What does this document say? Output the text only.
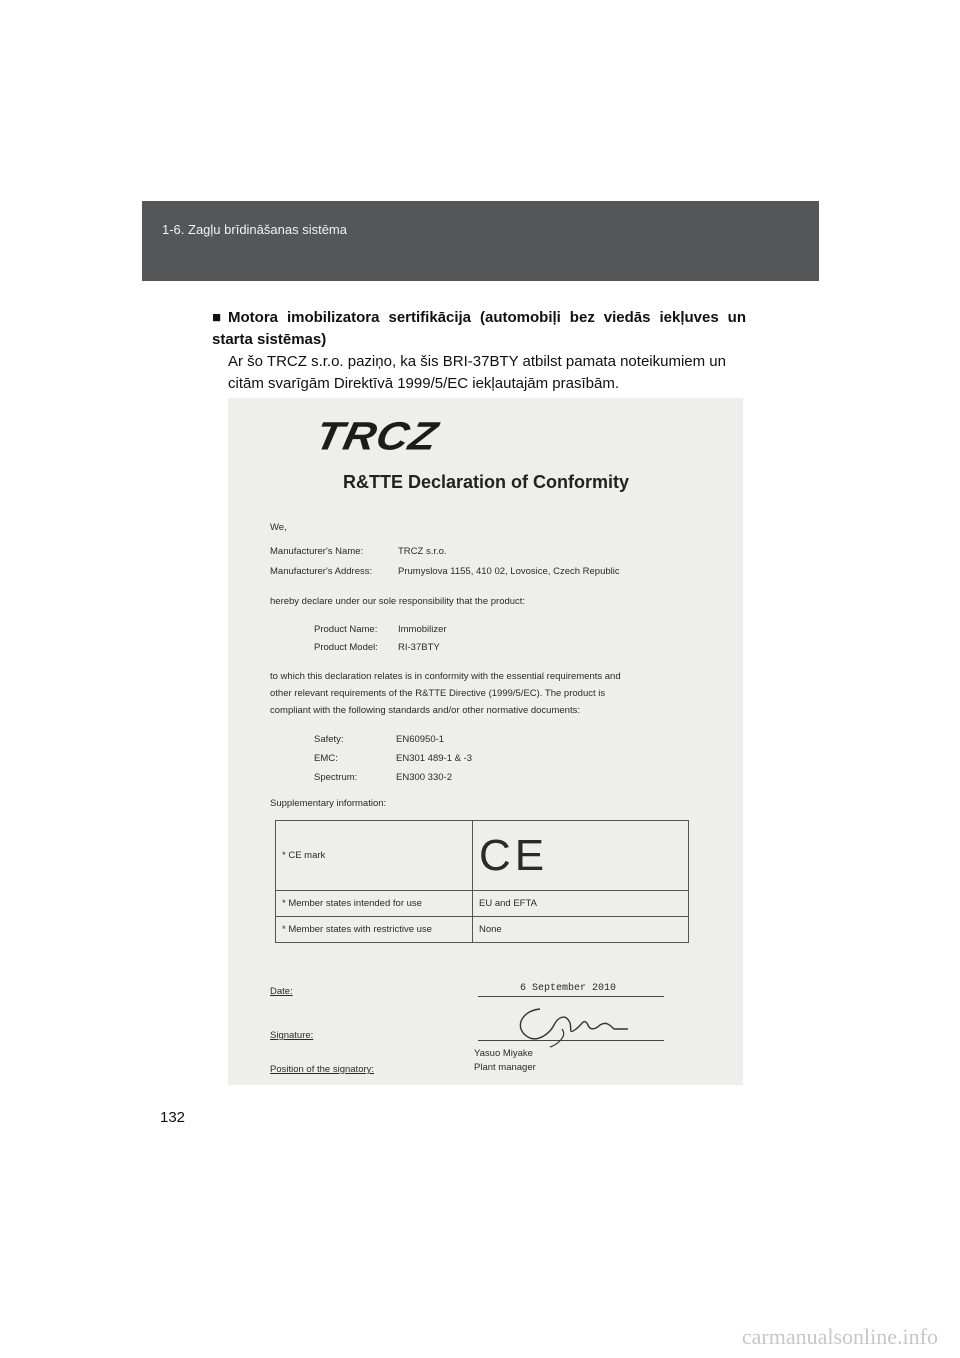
1-6. Zagļu brīdināšanas sistēma
■ Motora imobilizatora sertifikācija (automobiļi bez viedās iekļuves un starta sistēmas)
Ar šo TRCZ s.r.o. paziņo, ka šis BRI-37BTY atbilst pamata noteikumiem un
citām svarīgām Direktīvā 1999/5/EC iekļautajām prasībām.
TRCZ
R&TTE Declaration of Conformity
We,
Manufacturer's Name:	TRCZ s.r.o.
Manufacturer's Address:	Prumyslova 1155, 410 02, Lovosice, Czech Republic
hereby declare under our sole responsibility that the product:
Product Name: Immobilizer
Product Model: RI-37BTY
to which this declaration relates is in conformity with the essential requirements and
other relevant requirements of the R&TTE Directive (1999/5/EC). The product is
compliant with the following standards and/or other normative documents:
Safety:	EN60950-1
EMC:	EN301 489-1 & -3
Spectrum:	EN300 330-2
Supplementary information:
* CE mark	CE
* Member states intended for use	EU and EFTA
* Member states with restrictive use	None
Date:	6 September 2010
Signature:
Position of the signatory:
Yasuo Miyake
Plant manager
132
carmanualsonline.info
